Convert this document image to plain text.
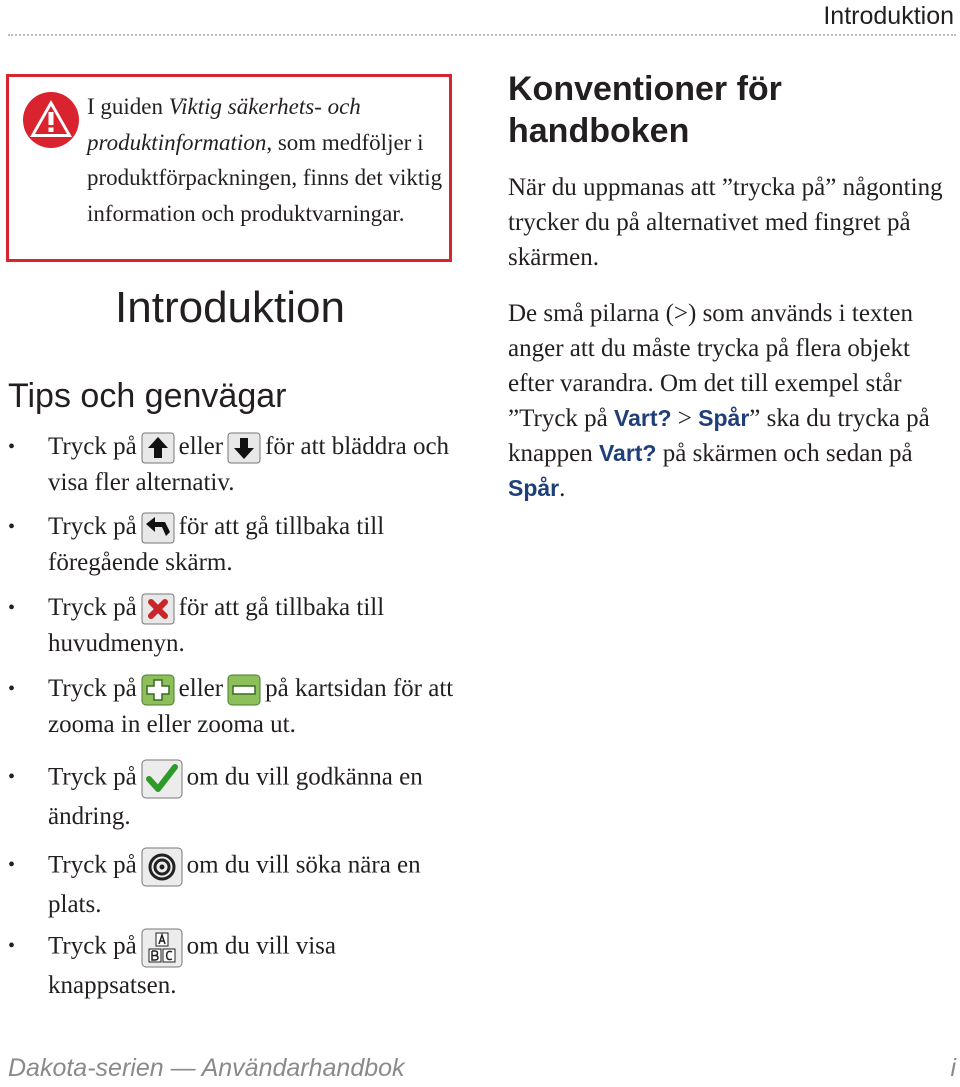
Introduktion
I guiden Viktig säkerhets- och produktinformation, som medföljer i produktförpackningen, finns det viktig information och produktvarningar.
Introduktion
Tips och genvägar
• Tryck på eller för att bläddra och visa fler alternativ.
• Tryck på för att gå tillbaka till föregående skärm.
• Tryck på för att gå tillbaka till huvudmenyn.
• Tryck på eller på kartsidan för att zooma in eller zooma ut.
• Tryck på om du vill godkänna en ändring.
• Tryck på om du vill söka nära en plats.
• Tryck på om du vill visa knappsatsen.
Konventioner för handboken

När du uppmanas att ”trycka på” någonting trycker du på alternativet med fingret på skärmen.

De små pilarna (>) som används i texten anger att du måste trycka på flera objekt efter varandra. Om det till exempel står ”Tryck på Vart? > Spår” ska du trycka på knappen Vart? på skärmen och sedan på Spår.

Dakota-serien — Användarhandbok	i
